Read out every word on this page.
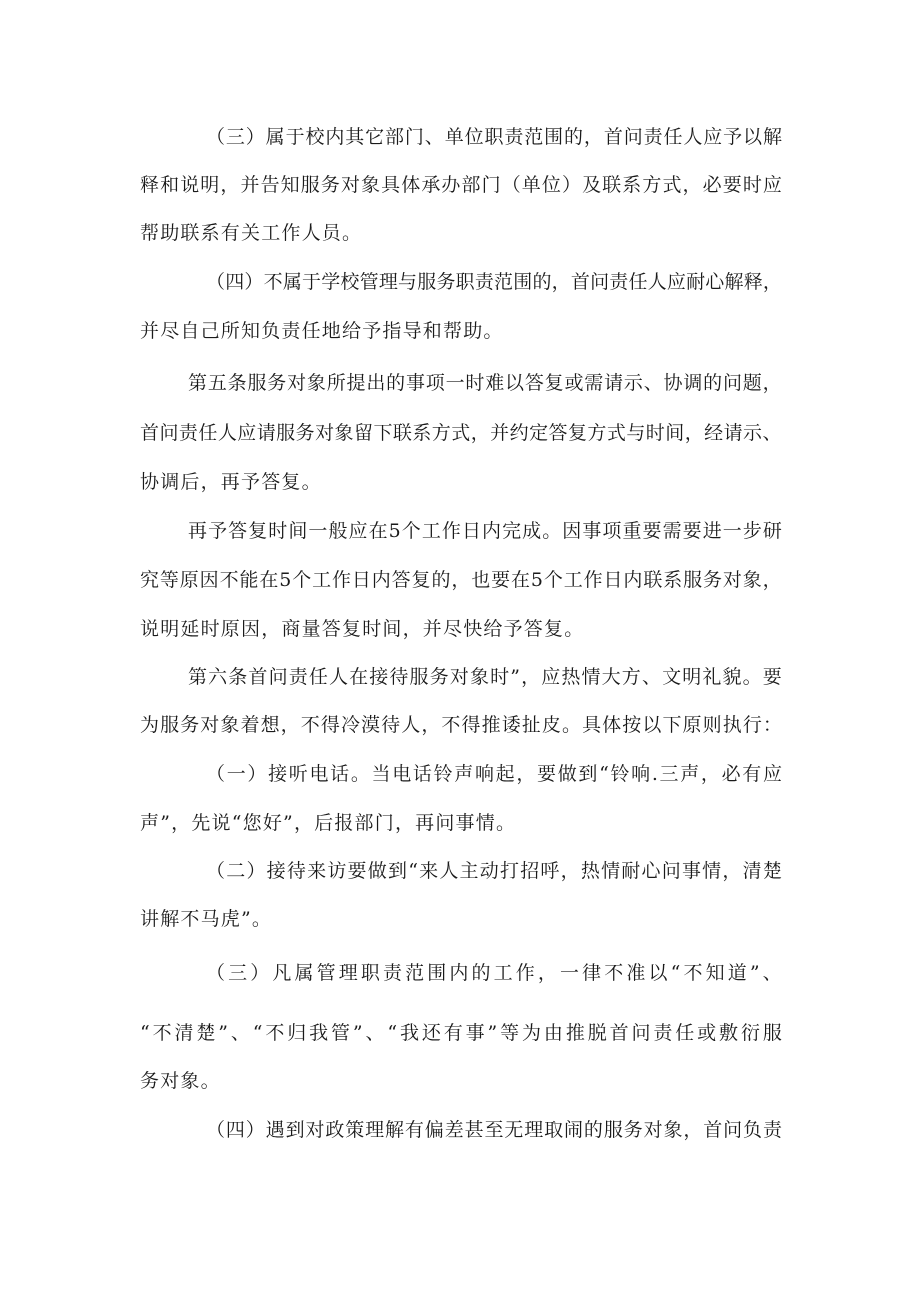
（ 三 ） 属 于 校 内 其 它 部 门 、 单 位 职 责 范 围 的 ， 首 问 责 任 人 应 予 以 解
释 和 说 明 ， 并 告 知 服 务 对 象 具 体 承 办 部 门 （ 单 位 ） 及 联 系 方 式 ， 必 要 时 应
帮助联系有关工作人员。
（ 四 ） 不 属 于 学 校 管 理 与 服 务 职 责 范 围 的 ， 首 问 责 任 人 应 耐 心 解 释 ，
并尽自己所知负责任地给予指导和帮助。
第 五 条 服 务 对 象 所 提 出 的 事 项 一 时 难 以 答 复 或 需 请 示 、 协 调 的 问 题 ，
首 问 责 任 人 应 请 服 务 对 象 留 下 联 系 方 式 ， 并 约 定 答 复 方 式 与 时 间 ， 经 请 示 、
协调后，再予答复。
再 予 答 复 时 间 一 般 应 在 5 个 工 作 日 内 完 成 。 因 事 项 重 要 需 要 进 一 步 研
究 等 原 因 不 能 在 5 个 工 作 日 内 答 复 的 ， 也 要 在 5 个 工 作 日 内 联 系 服 务 对 象 ，
说明延时原因，商量答复时间，并尽快给予答复。
第 六 条 首 问 责 任 人 在 接 待 服 务 对 象 时 ” ， 应 热 情 大 方 、 文 明 礼 貌 。 要
为 服 务 对 象 着 想 ， 不 得 冷 漠 待 人 ， 不 得 推 诿 扯 皮 。 具 体 按 以 下 原 则 执 行 ：
（ 一 ） 接 听 电 话 。 当 电 话 铃 声 响 起 ， 要 做 到 “ 铃 响 . 三 声 ， 必 有 应
声”，先说“您好”，后报部门，再问事情。
（ 二 ） 接 待 来 访 要 做 到 “ 来 人 主 动 打 招 呼 ， 热 情 耐 心 问 事 情 ， 清 楚
讲解不马虎”。
（ 三 ） 凡 属 管 理 职 责 范 围 内 的 工 作 ， 一 律 不 准 以 “ 不 知 道 ” 、
“ 不 清 楚 ” 、 “ 不 归 我 管 ” 、 “ 我 还 有 事 ” 等 为 由 推 脱 首 问 责 任 或 敷 衍 服
务对象。
（ 四 ） 遇 到 对 政 策 理 解 有 偏 差 甚 至 无 理 取 闹 的 服 务 对 象 ， 首 问 负 责
